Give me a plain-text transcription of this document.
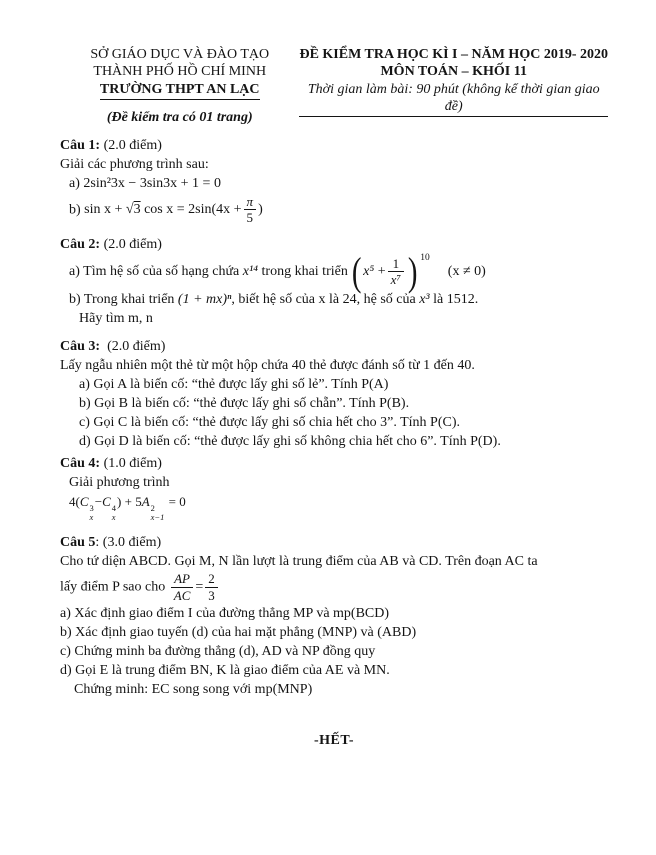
SỞ GIÁO DỤC VÀ ĐÀO TẠO
THÀNH PHỐ HỒ CHÍ MINH
TRƯỜNG THPT AN LẠC
(Đề kiểm tra có 01 trang)
ĐỀ KIỂM TRA HỌC KÌ I – NĂM HỌC 2019- 2020
MÔN TOÁN – KHỐI 11
Thời gian làm bài: 90 phút (không kể thời gian giao đề)

Câu 1: (2.0 điểm)

Giải các phương trình sau:

a) 2sin²3x − 3sin3x + 1 = 0

b) sin x + √3 $\cos x = 2\sin(4x + \frac{\pi}{5}$ )

Câu 2: (2.0 điểm)

a) Tìm hệ số của số hạng chứa x¹⁴ trong khai triển ( x⁵
+ $\frac{1}{\text{x⁷}}$ ) 10
(x ≠ 0)

b) Trong khai triển (1 + mx)ⁿ, biết hệ số của x là 24, hệ số của x³ là 1512.

Hãy tìm m, n

Câu 3: (2.0 điểm)

Lấy ngẫu nhiên một thẻ từ một hộp chứa 40 thẻ được đánh số từ 1 đến 40.

a) Gọi A là biến cố: “thẻ được lấy ghi số lẻ”. Tính P(A)

b) Gọi B là biến cố: “thẻ được lấy ghi số chẵn”. Tính P(B).

c) Gọi C là biến cố: “thẻ được lấy ghi số chia hết cho 3”. Tính P(C).

d) Gọi D là biến cố: “thẻ được lấy ghi số không chia hết cho 6”. Tính P(D).

Câu 4: (1.0 điểm)

Giải phương trình

4(C 3
x
−C 4
x
) + 5A 2
x−1
= 0

Câu 5: (3.0 điểm)

Cho tứ diện ABCD. Gọi M, N lần lượt là trung điểm của AB và CD. Trên đoạn AC ta

lấy điểm P sao cho $\frac{AP}{AC} = \frac{2}{3}$

a) Xác định giao điểm I của đường thẳng MP và mp(BCD)

b) Xác định giao tuyến (d) của hai mặt phẳng (MNP) và (ABD)

c) Chứng minh ba đường thẳng (d), AD và NP đồng quy

d) Gọi E là trung điểm BN, K là giao điểm của AE và MN.

Chứng minh: EC song song với mp(MNP)

-HẾT-
